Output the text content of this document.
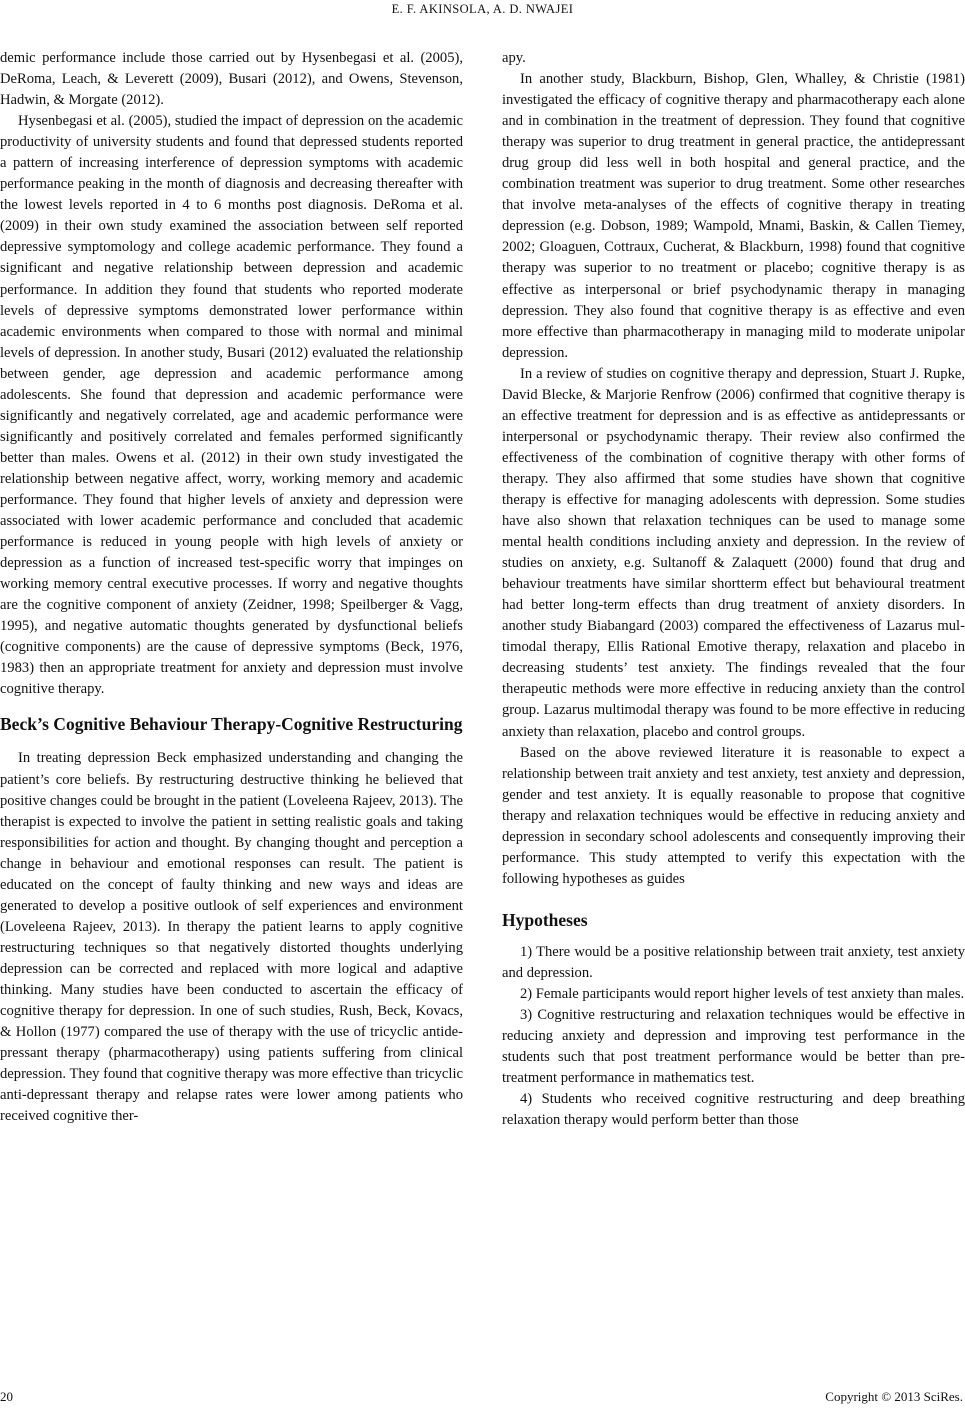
E. F. AKINSOLA, A. D. NWAJEI

demic performance include those carried out by Hysenbegasi et al. (2005), DeRoma, Leach, & Leverett (2009), Busari (2012), and Owens, Stevenson, Hadwin, & Morgate (2012).

Hysenbegasi et al. (2005), studied the impact of depression on the academic productivity of university students and found that depressed students reported a pattern of increasing interference of depression symptoms with academic performance peaking in the month of diagnosis and decreasing thereafter with the lowest levels reported in 4 to 6 months post diagnosis. DeRoma et al. (2009) in their own study examined the association between self reported depressive symptomology and college academic performance. They found a significant and negative relationship between depression and academic performance. In addition they found that students who reported moderate levels of depressive symptoms demonstrated lower performance within academic environments when compared to those with normal and minimal levels of depression. In another study, Busari (2012) evaluated the relationship between gender, age depression and academic performance among adolescents. She found that depression and academic performance were significantly and negatively correlated, age and academic performance were significantly and positively correlated and females performed significantly better than males. Owens et al. (2012) in their own study investigated the relationship between negative affect, worry, working memory and academic performance. They found that higher levels of anxiety and depression were associated with lower academic performance and concluded that academic performance is reduced in young people with high levels of anxiety or depression as a function of increased test-specific worry that impinges on working memory central executive processes. If worry and negative thoughts are the cognitive component of anxiety (Zeidner, 1998; Speilberger & Vagg, 1995), and negative automatic thoughts generated by dysfunctional beliefs (cognitive components) are the cause of depressive symptoms (Beck, 1976, 1983) then an appropriate treatment for anxiety and depression must involve cognitive therapy.

Beck’s Cognitive Behaviour Therapy-Cognitive Restructuring

In treating depression Beck emphasized understanding and changing the patient’s core beliefs. By restructuring destructive thinking he believed that positive changes could be brought in the patient (Loveleena Rajeev, 2013). The therapist is expected to involve the patient in setting realistic goals and taking responsibilities for action and thought. By changing thought and perception a change in behaviour and emotional responses can result. The patient is educated on the concept of faulty thinking and new ways and ideas are generated to develop a positive outlook of self experiences and environment (Loveleena Rajeev, 2013). In therapy the patient learns to apply cognitive restructuring techniques so that negatively distorted thoughts underlying depression can be corrected and replaced with more logical and adaptive thinking. Many studies have been conducted to ascertain the efficacy of cognitive therapy for depression. In one of such studies, Rush, Beck, Kovacs, & Hollon (1977) compared the use of therapy with the use of tricyclic antidepressant therapy (pharmacotherapy) using patients suffering from clinical depression. They found that cognitive therapy was more effective than tricyclic anti-depressant therapy and relapse rates were lower among patients who received cognitive ther-

apy.

In another study, Blackburn, Bishop, Glen, Whalley, & Christie (1981) investigated the efficacy of cognitive therapy and pharmacotherapy each alone and in combination in the treatment of depression. They found that cognitive therapy was superior to drug treatment in general practice, the antidepressant drug group did less well in both hospital and general practice, and the combination treatment was superior to drug treatment. Some other researches that involve meta-analyses of the effects of cognitive therapy in treating depression (e.g. Dobson, 1989; Wampold, Mnami, Baskin, & Callen Tiemey, 2002; Gloaguen, Cottraux, Cucherat, & Blackburn, 1998) found that cognitive therapy was superior to no treatment or placebo; cognitive therapy is as effective as interpersonal or brief psychodynamic therapy in managing depression. They also found that cognitive therapy is as effective and even more effective than pharmacotherapy in managing mild to moderate unipolar depression.

In a review of studies on cognitive therapy and depression, Stuart J. Rupke, David Blecke, & Marjorie Renfrow (2006) confirmed that cognitive therapy is an effective treatment for depression and is as effective as antidepressants or interpersonal or psychodynamic therapy. Their review also confirmed the effectiveness of the combination of cognitive therapy with other forms of therapy. They also affirmed that some studies have shown that cognitive therapy is effective for managing adolescents with depression. Some studies have also shown that relaxation techniques can be used to manage some mental health conditions including anxiety and depression. In the review of studies on anxiety, e.g. Sultanoff & Zalaquett (2000) found that drug and behaviour treatments have similar shortterm effect but behavioural treatment had better long-term effects than drug treatment of anxiety disorders. In another study Biabangard (2003) compared the effectiveness of Lazarus multimodal therapy, Ellis Rational Emotive therapy, relaxation and placebo in decreasing students’ test anxiety. The findings revealed that the four therapeutic methods were more effective in reducing anxiety than the control group. Lazarus multimodal therapy was found to be more effective in reducing anxiety than relaxation, placebo and control groups.

Based on the above reviewed literature it is reasonable to expect a relationship between trait anxiety and test anxiety, test anxiety and depression, gender and test anxiety. It is equally reasonable to propose that cognitive therapy and relaxation techniques would be effective in reducing anxiety and depression in secondary school adolescents and consequently improving their performance. This study attempted to verify this expectation with the following hypotheses as guides

Hypotheses

1) There would be a positive relationship between trait anxiety, test anxiety and depression.

2) Female participants would report higher levels of test anxiety than males.

3) Cognitive restructuring and relaxation techniques would be effective in reducing anxiety and depression and improving test performance in the students such that post treatment performance would be better than pre-treatment performance in mathematics test.

4) Students who received cognitive restructuring and deep breathing relaxation therapy would perform better than those

20	Copyright © 2013 SciRes.
